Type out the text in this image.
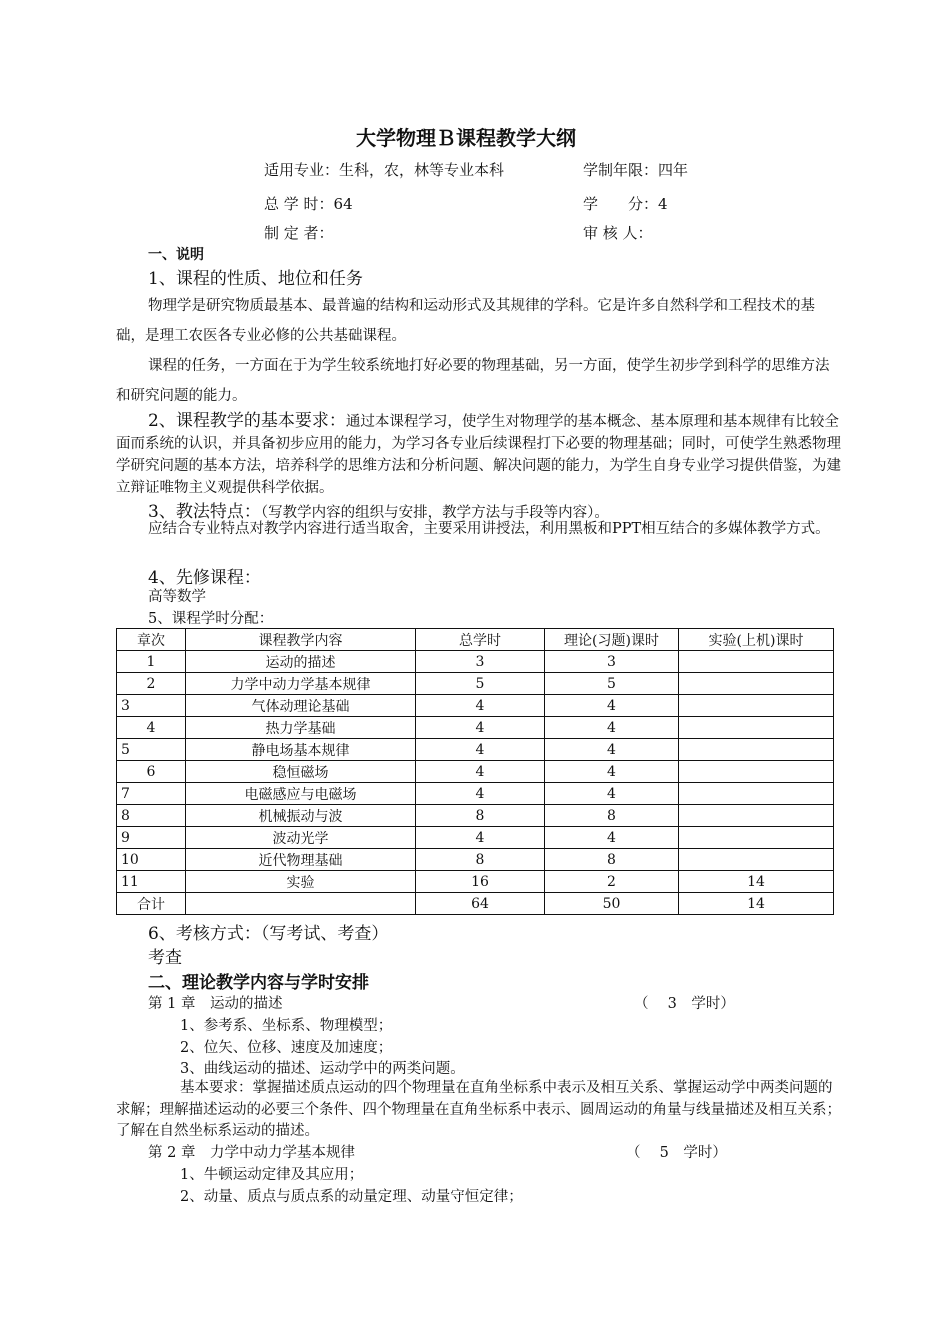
大学物理Ｂ课程教学大纲
适用专业：生科，农，林等专业本科	学制年限：四年
总 学 时：64	学　　分：4
制 定 者：	审 核 人：
一、说明
1、课程的性质、地位和任务
物理学是研究物质最基本、最普遍的结构和运动形式及其规律的学科。它是许多自然科学和工程技术的基础，是理工农医各专业必修的公共基础课程。
课程的任务，一方面在于为学生较系统地打好必要的物理基础，另一方面，使学生初步学到科学的思维方法和研究问题的能力。
2、课程教学的基本要求：通过本课程学习，使学生对物理学的基本概念、基本原理和基本规律有比较全面而系统的认识，并具备初步应用的能力，为学习各专业后续课程打下必要的物理基础；同时，可使学生熟悉物理学研究问题的基本方法，培养科学的思维方法和分析问题、解决问题的能力，为学生自身专业学习提供借鉴，为建立辩证唯物主义观提供科学依据。
3、教法特点：（写教学内容的组织与安排，教学方法与手段等内容）。
应结合专业特点对教学内容进行适当取舍，主要采用讲授法，利用黑板和PPT相互结合的多媒体教学方式。
4、先修课程：
高等数学
5、课程学时分配：
章次	课程教学内容	总学时	理论(习题)课时	实验(上机)课时
1	运动的描述	3	3	
2	力学中动力学基本规律	5	5	
3	气体动理论基础	4	4	
4	热力学基础	4	4	
5	静电场基本规律	4	4	
6	稳恒磁场	4	4	
7	电磁感应与电磁场	4	4	
8	机械振动与波	8	8	
9	波动光学	4	4	
10	近代物理基础	8	8	
11	实验	16	2	14
合计		64	50	14
6、考核方式：（写考试、考查）
考查
二、理论教学内容与学时安排
第 1 章　运动的描述	（　 3　学时）
1、参考系、坐标系、物理模型；
2、位矢、位移、速度及加速度；
3、曲线运动的描述、运动学中的两类问题。
基本要求：掌握描述质点运动的四个物理量在直角坐标系中表示及相互关系、掌握运动学中两类问题的求解；理解描述运动的必要三个条件、四个物理量在直角坐标系中表示、圆周运动的角量与线量描述及相互关系；了解在自然坐标系运动的描述。
第 2 章　力学中动力学基本规律	（　 5　学时）
1、牛顿运动定律及其应用；
2、动量、质点与质点系的动量定理、动量守恒定律；
